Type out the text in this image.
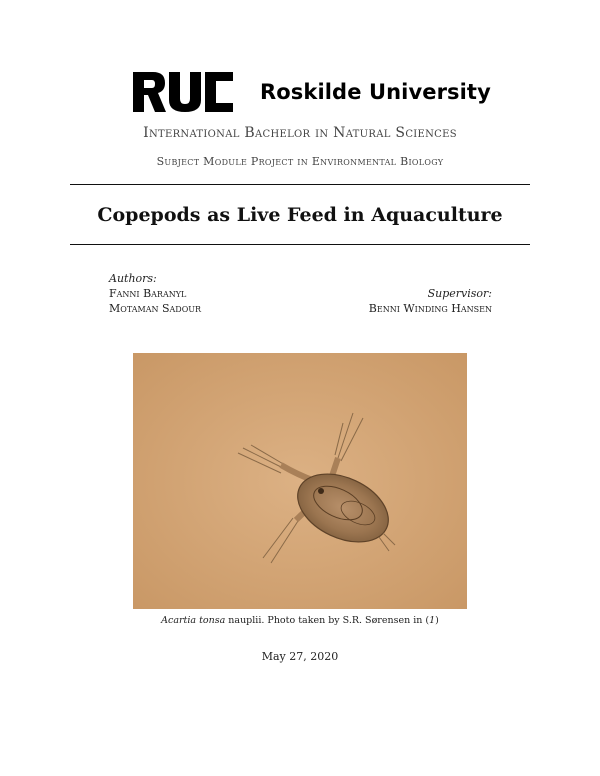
Roskilde University
International Bachelor in Natural Sciences
Subject Module Project in Environmental Biology
Copepods as Live Feed in Aquaculture
Authors:
Fanni Baranyl
Motaman Sadour
Supervisor:
Benni Winding Hansen
Acartia tonsa nauplii. Photo taken by S.R. Sørensen in (1)
May 27, 2020
